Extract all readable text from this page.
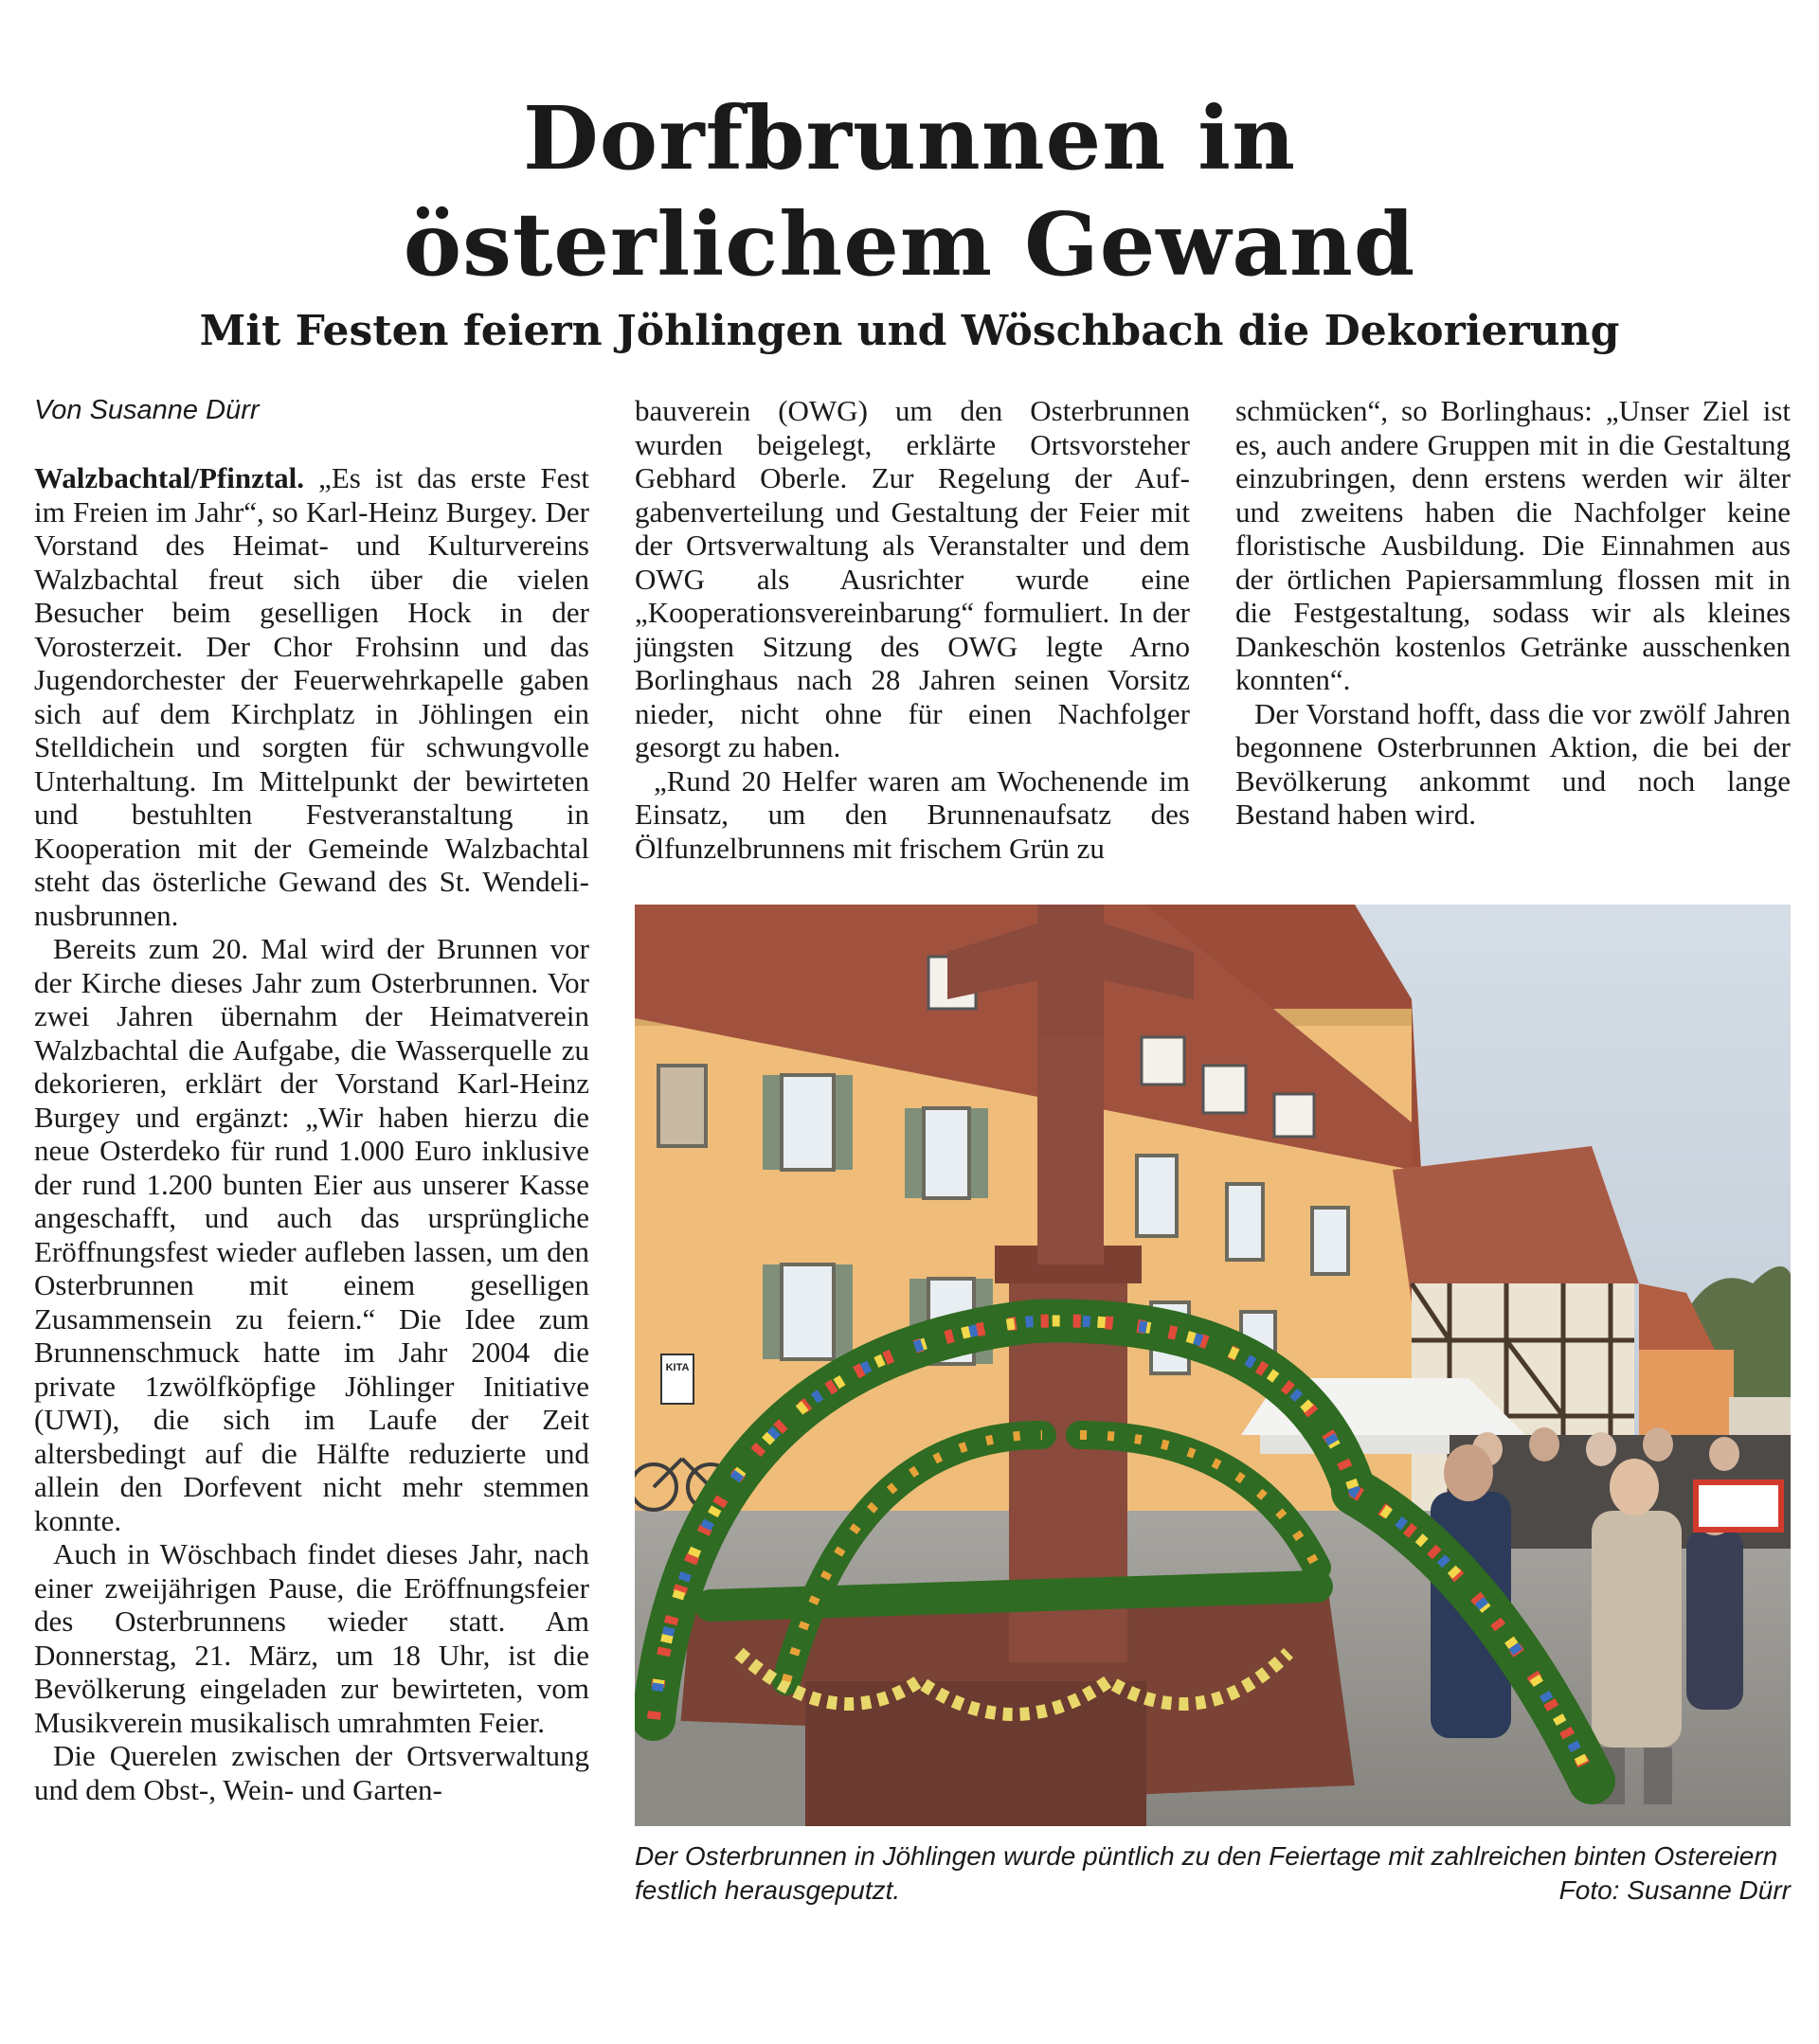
Dorfbrunnen in
österlichem Gewand
Mit Festen feiern Jöhlingen und Wöschbach die Dekorierung

Von Susanne Dürr

Walzbachtal/Pfinztal. „Es ist das erste Fest im Freien im Jahr“, so Karl-Heinz Burgey. Der Vorstand des Heimat- und Kulturvereins Walzbachtal freut sich über die vielen Besucher beim geselligen Hock in der Vorosterzeit. Der Chor Frohsinn und das Jugendorchester der Feuerwehrkapelle gaben sich auf dem Kirchplatz in Jöhlingen ein Stelldichein und sorgten für schwungvolle Unterhaltung. Im Mittelpunkt der bewirteten und bestuhlten Festveranstaltung in Kooperation mit der Gemeinde Walzbachtal steht das österliche Gewand des St. Wendelinusbrunnen.

Bereits zum 20. Mal wird der Brunnen vor der Kirche dieses Jahr zum Osterbrunnen. Vor zwei Jahren übernahm der Heimatverein Walzbachtal die Aufgabe, die Wasserquelle zu dekorieren, erklärt der Vorstand Karl-Heinz Burgey und ergänzt: „Wir haben hierzu die neue Osterdeko für rund 1.000 Euro inklusive der rund 1.200 bunten Eier aus unserer Kasse angeschafft, und auch das ursprüngliche Eröffnungsfest wieder aufleben lassen, um den Osterbrunnen mit einem geselligen Zusammensein zu feiern.“ Die Idee zum Brunnenschmuck hatte im Jahr 2004 die private 1zwölfköpfige Jöhlinger Initiative (UWI), die sich im Laufe der Zeit altersbedingt auf die Hälfte reduzierte und allein den Dorfevent nicht mehr stemmen konnte.

Auch in Wöschbach findet dieses Jahr, nach einer zweijährigen Pause, die Eröffnungsfeier des Osterbrunnens wieder statt. Am Donnerstag, 21. März, um 18 Uhr, ist die Bevölkerung eingeladen zur bewirteten, vom Musikverein musikalisch umrahmten Feier.

Die Querelen zwischen der Ortsverwaltung und dem Obst-, Wein- und Garten-

bauverein (OWG) um den Osterbrunnen wurden beigelegt, erklärte Ortsvorsteher Gebhard Oberle. Zur Regelung der Aufgabenverteilung und Gestaltung der Feier mit der Ortsverwaltung als Veranstalter und dem OWG als Ausrichter wurde eine „Kooperationsvereinbarung“ formuliert. In der jüngsten Sitzung des OWG legte Arno Borlinghaus nach 28 Jahren seinen Vorsitz nieder, nicht ohne für einen Nachfolger gesorgt zu haben.

„Rund 20 Helfer waren am Wochenende im Einsatz, um den Brunnenaufsatz des Ölfunzelbrunnens mit frischem Grün zu

schmücken“, so Borlinghaus: „Unser Ziel ist es, auch andere Gruppen mit in die Gestaltung einzubringen, denn erstens werden wir älter und zweitens haben die Nachfolger keine floristische Ausbildung. Die Einnahmen aus der örtlichen Papiersammlung flossen mit in die Festgestaltung, sodass wir als kleines Dankeschön kostenlos Getränke ausschenken konnten“.

Der Vorstand hofft, dass die vor zwölf Jahren begonnene Osterbrunnen Aktion, die bei der Bevölkerung ankommt und noch lange Bestand haben wird.

KITA
Der Osterbrunnen in Jöhlingen wurde püntlich zu den Feiertage mit zahlreichen binten Ostereiern festlich herausgeputzt.	Foto: Susanne Dürr
